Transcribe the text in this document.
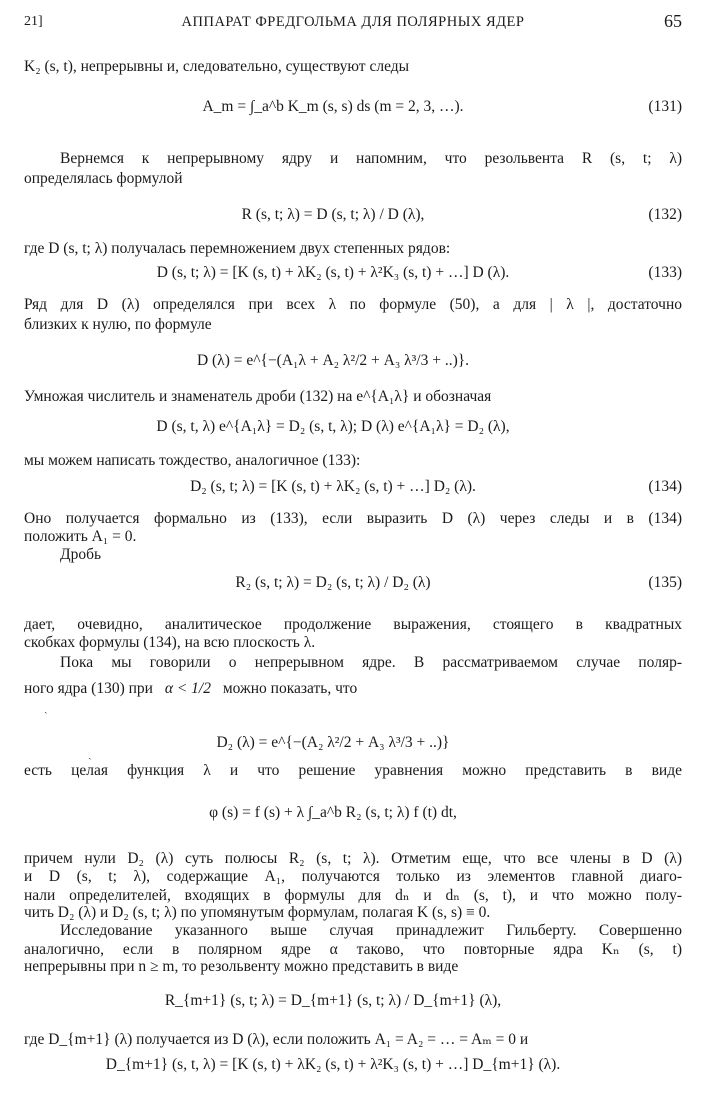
21]	АППАРАТ ФРЕДГОЛЬМА ДЛЯ ПОЛЯРНЫХ ЯДЕР	65
K₂ (s, t), непрерывны и, следовательно, существуют следы
A_m = ∫_a^b K_m (s, s) ds (m = 2, 3, …).	(131)
Вернемся к непрерывному ядру и напомним, что резольвента R (s, t; λ)
определялась формулой
R (s, t; λ) = D (s, t; λ) / D (λ),	(132)
где D (s, t; λ) получалась перемножением двух степенных рядов:
D (s, t; λ) = [K (s, t) + λK₂ (s, t) + λ²K₃ (s, t) + …] D (λ).	(133)
Ряд для D (λ) определялся при всех λ по формуле (50), а для | λ |, достаточно
близких к нулю, по формуле
D (λ) = e^{−(A₁λ + A₂ λ²/2 + A₃ λ³/3 + ..)}.
Умножая числитель и знаменатель дроби (132) на e^{A₁λ} и обозначая
D (s, t, λ) e^{A₁λ} = D₂ (s, t, λ); D (λ) e^{A₁λ} = D₂ (λ),
мы можем написать тождество, аналогичное (133):
D₂ (s, t; λ) = [K (s, t) + λK₂ (s, t) + …] D₂ (λ).	(134)
Оно получается формально из (133), если выразить D (λ) через следы и в (134)
положить A₁ = 0.
Дробь
R₂ (s, t; λ) = D₂ (s, t; λ) / D₂ (λ)	(135)
дает, очевидно, аналитическое продолжение выражения, стоящего в квадратных
скобках формулы (134), на всю плоскость λ.
Пока мы говорили о непрерывном ядре. В рассматриваемом случае поляр-
ного ядра (130) при α < 1/2 можно показать, что
ˎ
D₂ (λ) = e^{−(A₂ λ²/2 + A₃ λ³/3 + ..)}
ˎ
есть целая функция λ и что решение уравнения можно представить в виде
φ (s) = f (s) + λ ∫_a^b R₂ (s, t; λ) f (t) dt,
причем нули D₂ (λ) суть полюсы R₂ (s, t; λ). Отметим еще, что все члены в D (λ)
и D (s, t; λ), содержащие A₁, получаются только из элементов главной диаго-
нали определителей, входящих в формулы для dₙ и dₙ (s, t), и что можно полу-
чить D₂ (λ) и D₂ (s, t; λ) по упомянутым формулам, полагая K (s, s) ≡ 0.
Исследование указанного выше случая принадлежит Гильберту. Совершенно
аналогично, если в полярном ядре α таково, что повторные ядра Kₙ (s, t)
непрерывны при n ≥ m, то резольвенту можно представить в виде
R_{m+1} (s, t; λ) = D_{m+1} (s, t; λ) / D_{m+1} (λ),
где D_{m+1} (λ) получается из D (λ), если положить A₁ = A₂ = … = Aₘ = 0 и
D_{m+1} (s, t, λ) = [K (s, t) + λK₂ (s, t) + λ²K₃ (s, t) + …] D_{m+1} (λ).
